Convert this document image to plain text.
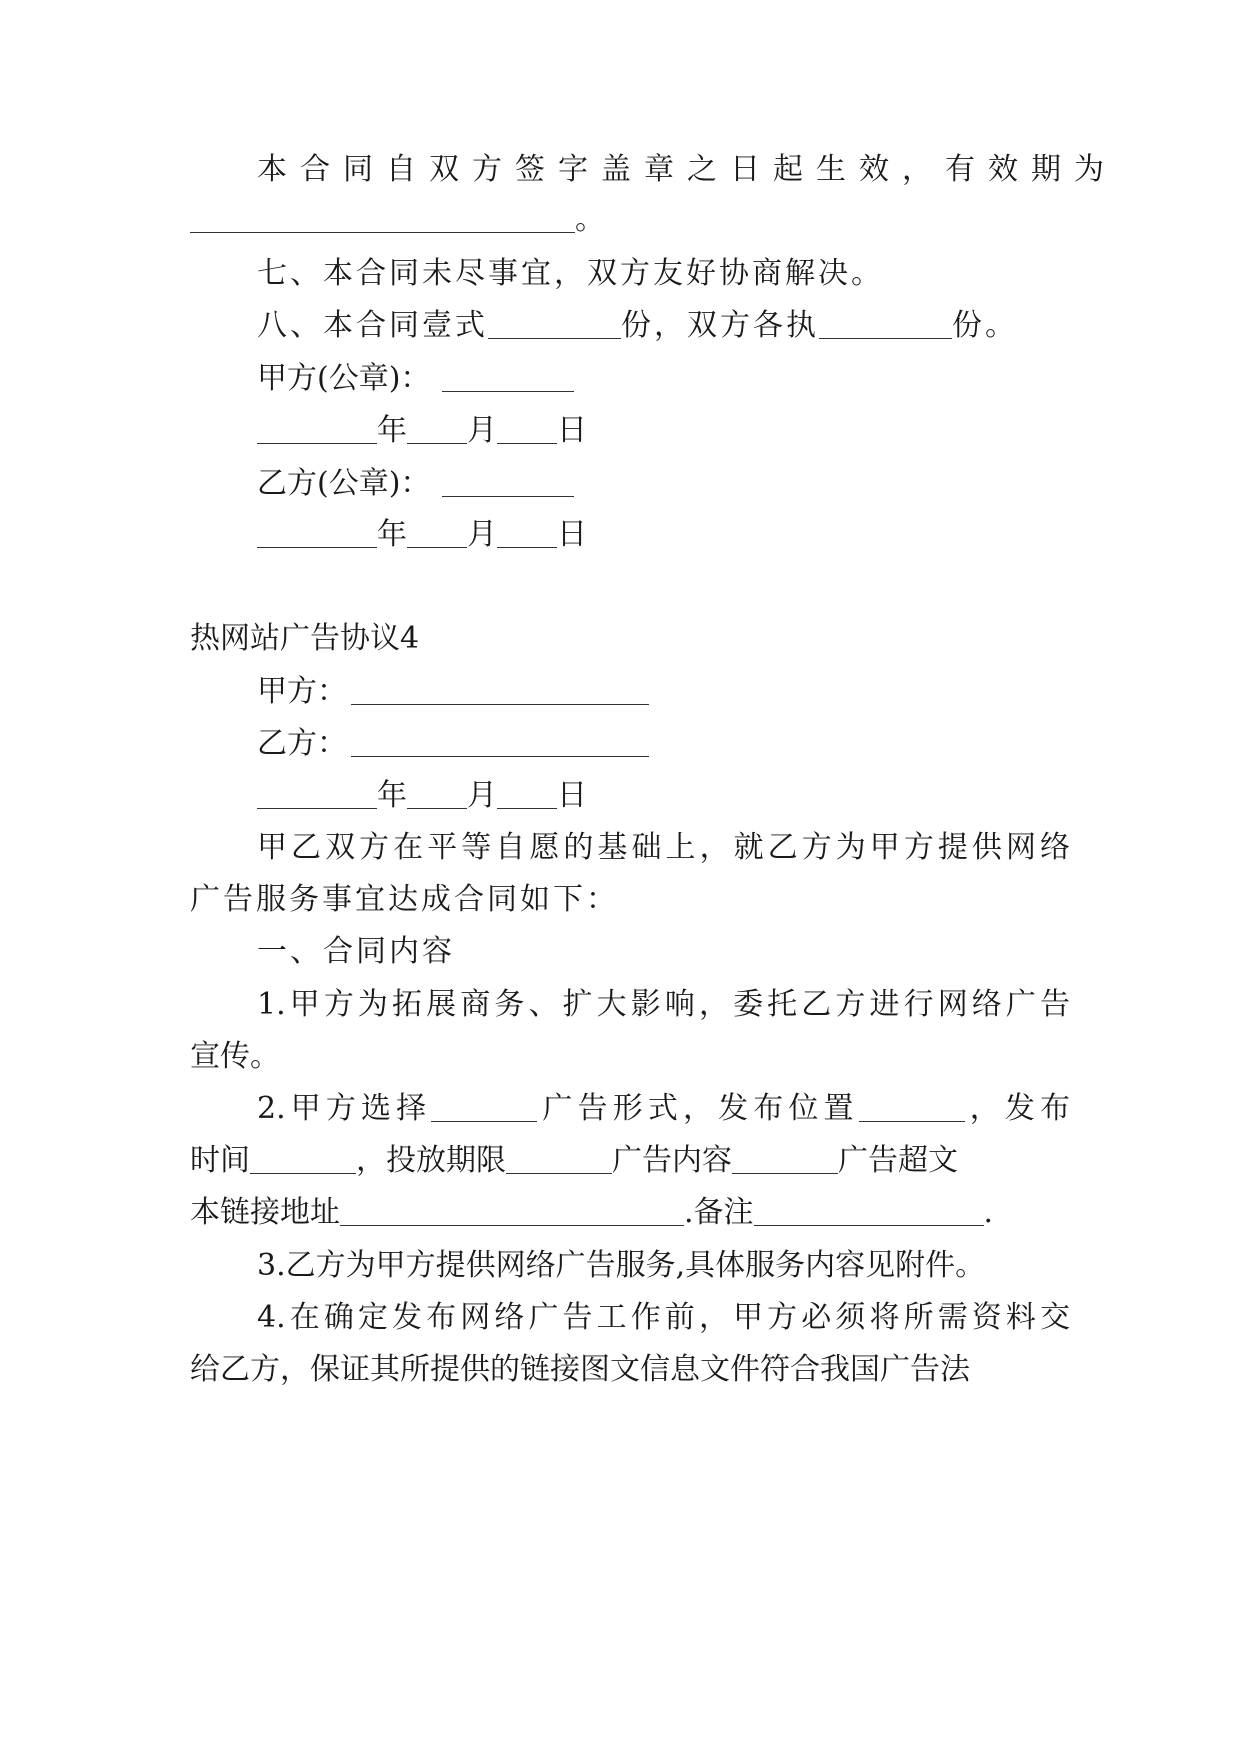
本合同自双方签字盖章之日起生效，有效期为
。
七、本合同未尽事宜，双方友好协商解决。
八、本合同壹式	份，双方各执	份。
甲方(公章)：
年 月 日
乙方(公章)：
年 月 日
热网站广告协议4
甲方：
乙方：
年 月 日
甲乙双方在平等自愿的基础上，就乙方为甲方提供网络
广告服务事宜达成合同如下：
一、合同内容
1.甲方为拓展商务、扩大影响，委托乙方进行网络广告
宣传。
2.甲方选择	广告形式，发布位置	，发布
时间	，投放期限	广告内容	广告超文
本链接地址	.备注	.
3.乙方为甲方提供网络广告服务,具体服务内容见附件。
4.在确定发布网络广告工作前，甲方必须将所需资料交
给乙方，保证其所提供的链接图文信息文件符合我国广告法
